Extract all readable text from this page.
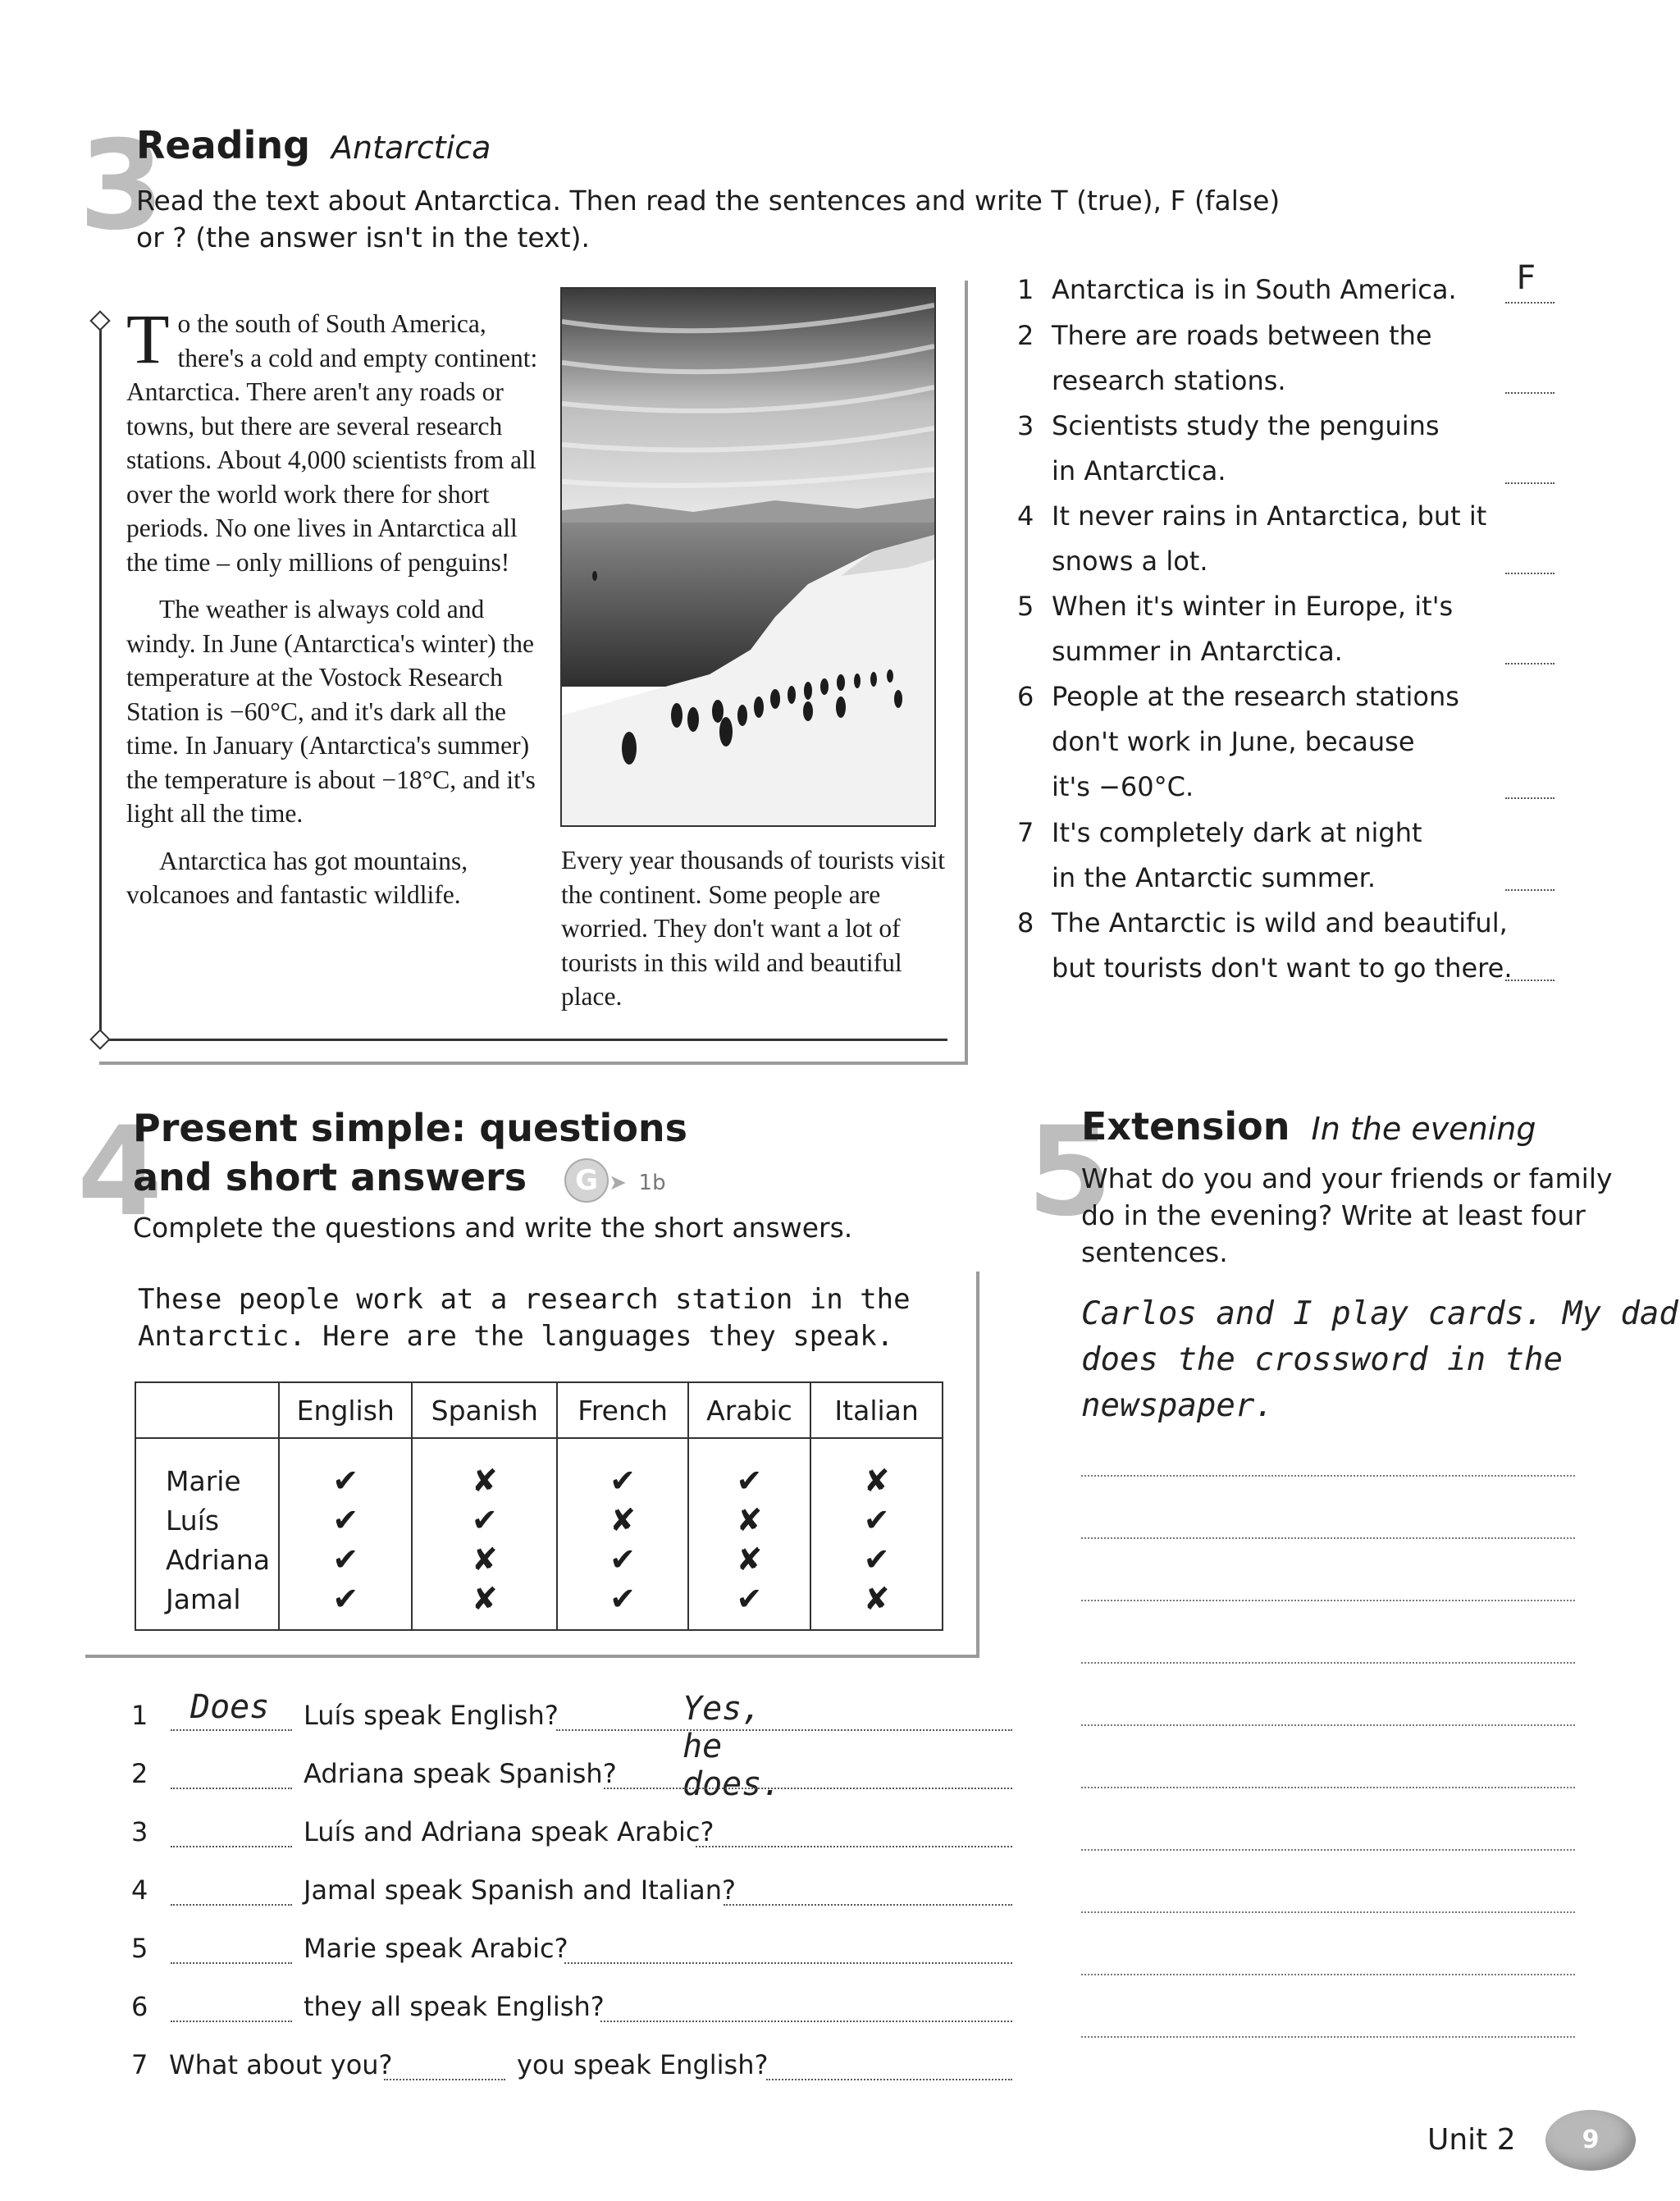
3
Reading Antarctica
Read the text about Antarctica. Then read the sentences and write T (true), F (false)
or ? (the answer isn't in the text).

To the south of South America, there's a cold and empty continent: Antarctica. There aren't any roads or towns, but there are several research stations. About 4,000 scientists from all over the world work there for short periods. No one lives in Antarctica all the time – only millions of penguins!

The weather is always cold and windy. In June (Antarctica's winter) the temperature at the Vostock Research Station is −60°C, and it's dark all the time. In January (Antarctica's summer) the temperature is about −18°C, and it's light all the time.

Antarctica has got mountains, volcanoes and fantastic wildlife.

Every year thousands of tourists visit the continent. Some people are worried. They don't want a lot of tourists in this wild and beautiful place.
1 Antarctica is in South America. F
2 There are roads between the
research stations.
3 Scientists study the penguins
in Antarctica.
4 It never rains in Antarctica, but it
snows a lot.
5 When it's winter in Europe, it's
summer in Antarctica.
6 People at the research stations
don't work in June, because
it's −60°C.
7 It's completely dark at night
in the Antarctic summer.
8 The Antarctic is wild and beautiful,
but tourists don't want to go there.
4
Present simple: questions
and short answers G ➤ 1b
Complete the questions and write the short answers.
These people work at a research station in the Antarctic. Here are the languages they speak.
	English	Spanish	French	Arabic	Italian
Marie	✔	✘	✔	✔	✘
Luís	✔	✔	✘	✘	✔
Adriana	✔	✘	✔	✘	✔
Jamal	✔	✘	✔	✔	✘
1 Does Luís speak English?	Yes, he does.
2	Adriana speak Spanish?
3	Luís and Adriana speak Arabic?
4	Jamal speak Spanish and Italian?
5	Marie speak Arabic?
6	they all speak English?
7 What about you?	you speak English?
5
Extension In the evening
What do you and your friends or family
do in the evening? Write at least four
sentences.
Carlos and I play cards. My dad
does the crossword in the
newspaper.
Unit 2	9
